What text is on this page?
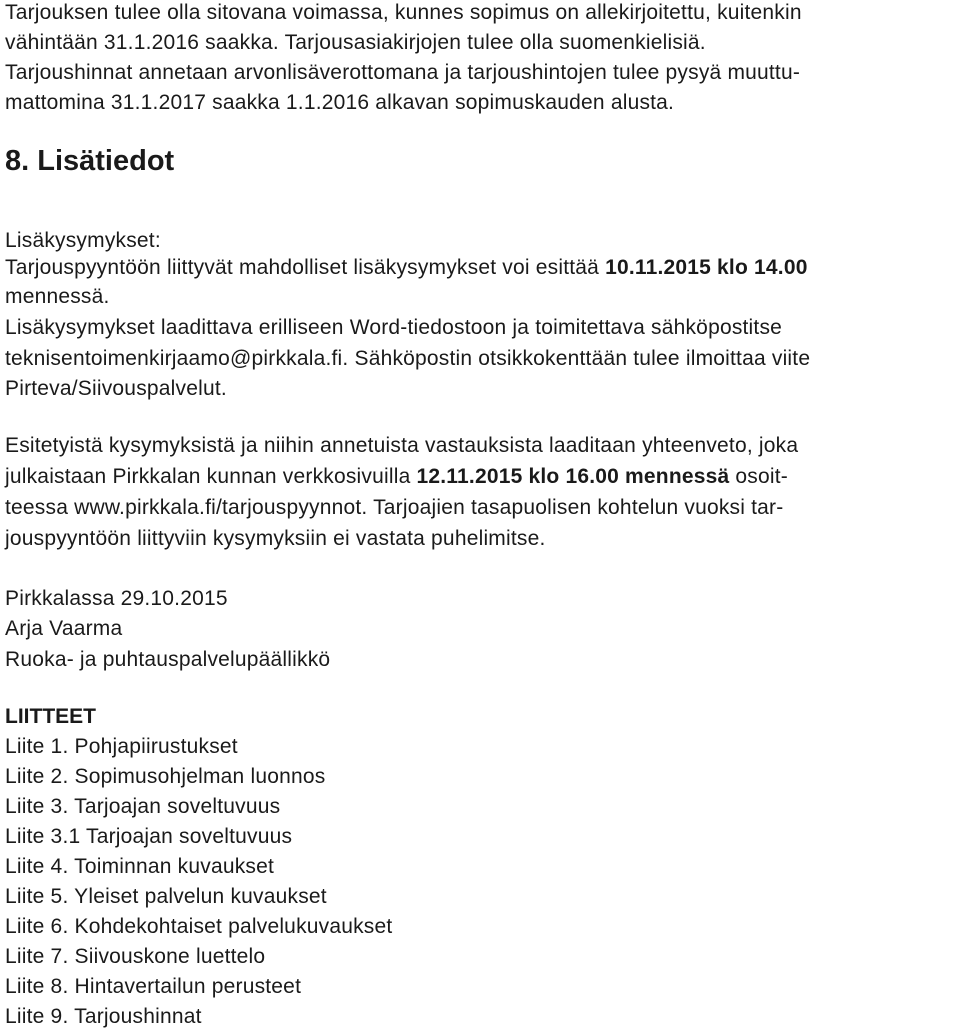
Tarjouksen tulee olla sitovana voimassa, kunnes sopimus on allekirjoitettu, kuitenkin
vähintään 31.1.2016 saakka. Tarjousasiakirjojen tulee olla suomenkielisiä.
Tarjoushinnat annetaan arvonlisäverottomana ja tarjoushintojen tulee pysyä muuttu-
mattomina 31.1.2017 saakka 1.1.2016 alkavan sopimuskauden alusta.
8. Lisätiedot
Lisäkysymykset:
Tarjouspyyntöön liittyvät mahdolliset lisäkysymykset voi esittää 10.11.2015 klo 14.00
mennessä.
Lisäkysymykset laadittava erilliseen Word-tiedostoon ja toimitettava sähköpostitse
teknisentoimenkirjaamo@pirkkala.fi. Sähköpostin otsikkokenttään tulee ilmoittaa viite
Pirteva/Siivouspalvelut.
Esitetyistä kysymyksistä ja niihin annetuista vastauksista laaditaan yhteenveto, joka
julkaistaan Pirkkalan kunnan verkkosivuilla 12.11.2015 klo 16.00 mennessä osoit-
teessa www.pirkkala.fi/tarjouspyynnot. Tarjoajien tasapuolisen kohtelun vuoksi tar-
jouspyyntöön liittyviin kysymyksiin ei vastata puhelimitse.
Pirkkalassa 29.10.2015
Arja Vaarma
Ruoka- ja puhtauspalvelupäällikkö
LIITTEET
Liite 1. Pohjapiirustukset
Liite 2. Sopimusohjelman luonnos
Liite 3. Tarjoajan soveltuvuus
Liite 3.1 Tarjoajan soveltuvuus
Liite 4. Toiminnan kuvaukset
Liite 5. Yleiset palvelun kuvaukset
Liite 6. Kohdekohtaiset palvelukuvaukset
Liite 7. Siivouskone luettelo
Liite 8. Hintavertailun perusteet
Liite 9. Tarjoushinnat
